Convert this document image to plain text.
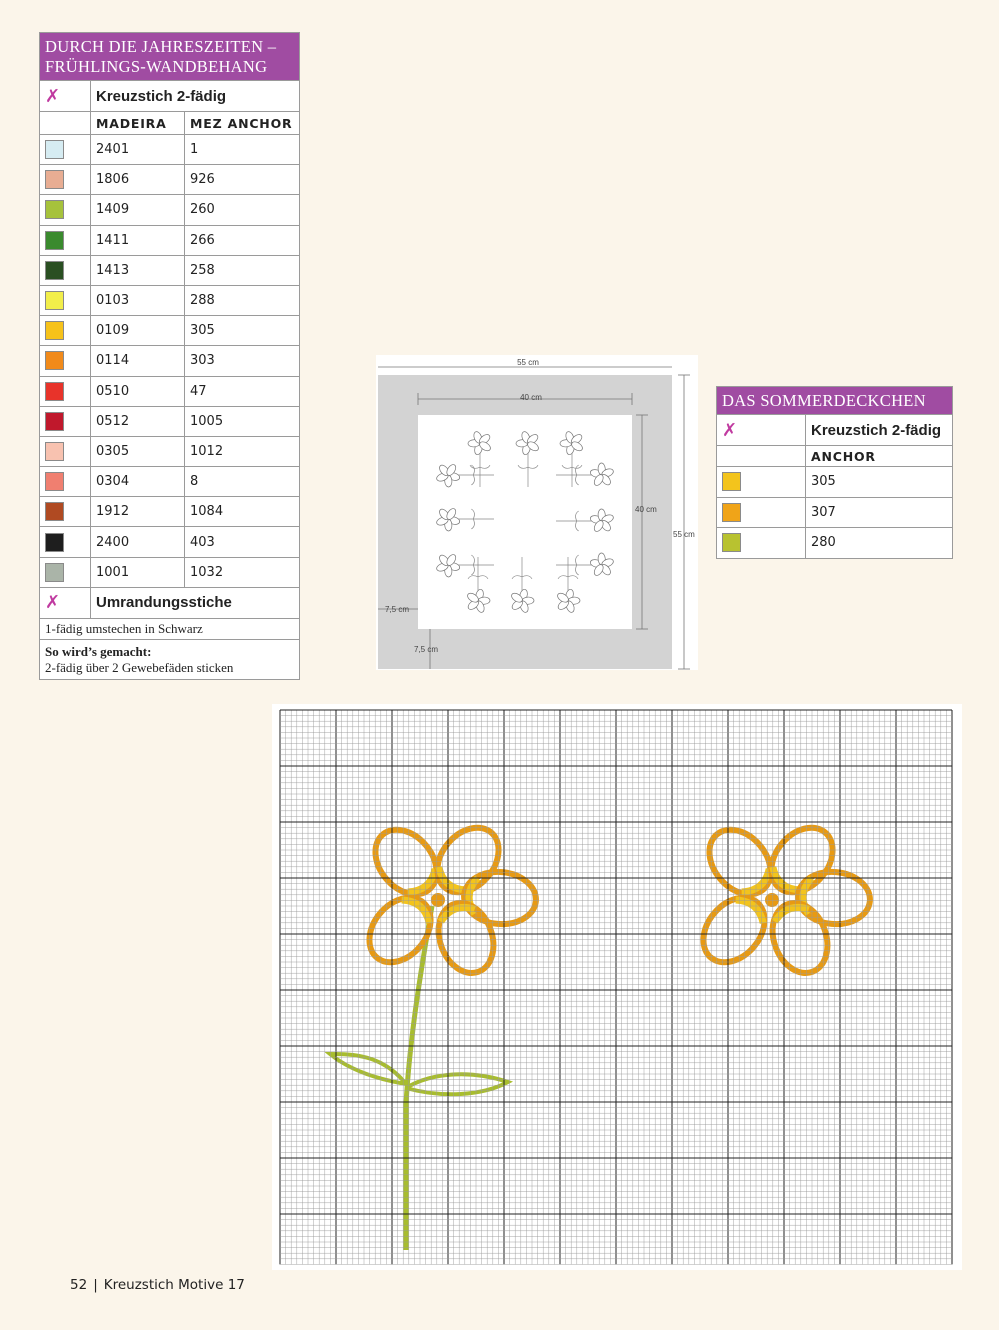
DURCH DIE JAHRESZEITEN – FRÜHLINGS-WANDBEHANG
✗	Kreuzstich 2-fädig
MADEIRA	MEZ ANCHOR
2401	1
1806	926
1409	260
1411	266
1413	258
0103	288
0109	305
0114	303
0510	47
0512	1005
0305	1012
0304	8
1912	1084
2400	403
1001	1032
✗	Umrandungsstiche
1-fädig umstechen in Schwarz
So wird’s gemacht:
2-fädig über 2 Gewebefäden sticken
DAS SOMMERDECKCHEN
✗	Kreuzstich 2-fädig
ANCHOR
305
307
280
55 cm
40 cm
40 cm
55 cm
7,5 cm
7,5 cm
52 | Kreuzstich Motive 17
